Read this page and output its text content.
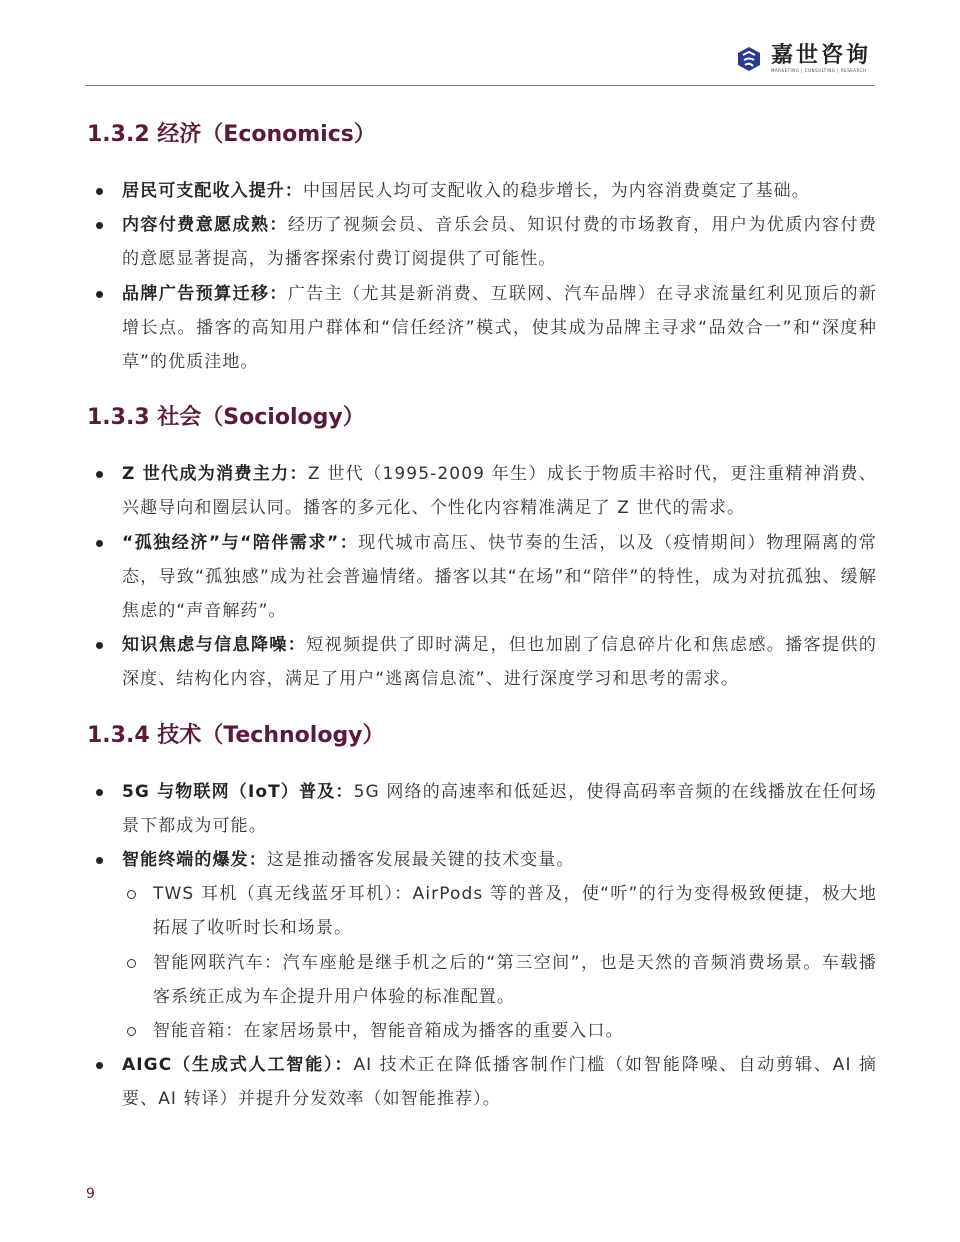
嘉世咨询
MARKETING | CONSULTING | RESEARCH
1.3.2 经济（Economics）
居民可支配收入提升：中国居民人均可支配收入的稳步增长，为内容消费奠定了基础。
内容付费意愿成熟：经历了视频会员、音乐会员、知识付费的市场教育，用户为优质内容付费的意愿显著提高，为播客探索付费订阅提供了可能性。
品牌广告预算迁移：广告主（尤其是新消费、互联网、汽车品牌）在寻求流量红利见顶后的新增长点。播客的高知用户群体和“信任经济”模式，使其成为品牌主寻求“品效合一”和“深度种草”的优质洼地。
1.3.3 社会（Sociology）
Z 世代成为消费主力：Z 世代（1995-2009 年生）成长于物质丰裕时代，更注重精神消费、兴趣导向和圈层认同。播客的多元化、个性化内容精准满足了 Z 世代的需求。
“孤独经济”与“陪伴需求”：现代城市高压、快节奏的生活，以及（疫情期间）物理隔离的常态，导致“孤独感”成为社会普遍情绪。播客以其“在场”和“陪伴”的特性，成为对抗孤独、缓解焦虑的“声音解药”。
知识焦虑与信息降噪：短视频提供了即时满足，但也加剧了信息碎片化和焦虑感。播客提供的深度、结构化内容，满足了用户“逃离信息流”、进行深度学习和思考的需求。
1.3.4 技术（Technology）
5G 与物联网（IoT）普及：5G 网络的高速率和低延迟，使得高码率音频的在线播放在任何场景下都成为可能。
智能终端的爆发：这是推动播客发展最关键的技术变量。
TWS 耳机（真无线蓝牙耳机）：AirPods 等的普及，使“听”的行为变得极致便捷，极大地拓展了收听时长和场景。
智能网联汽车：汽车座舱是继手机之后的“第三空间”，也是天然的音频消费场景。车载播客系统正成为车企提升用户体验的标准配置。
智能音箱：在家居场景中，智能音箱成为播客的重要入口。
AIGC（生成式人工智能）：AI 技术正在降低播客制作门槛（如智能降噪、自动剪辑、AI 摘要、AI 转译）并提升分发效率（如智能推荐）。
9
